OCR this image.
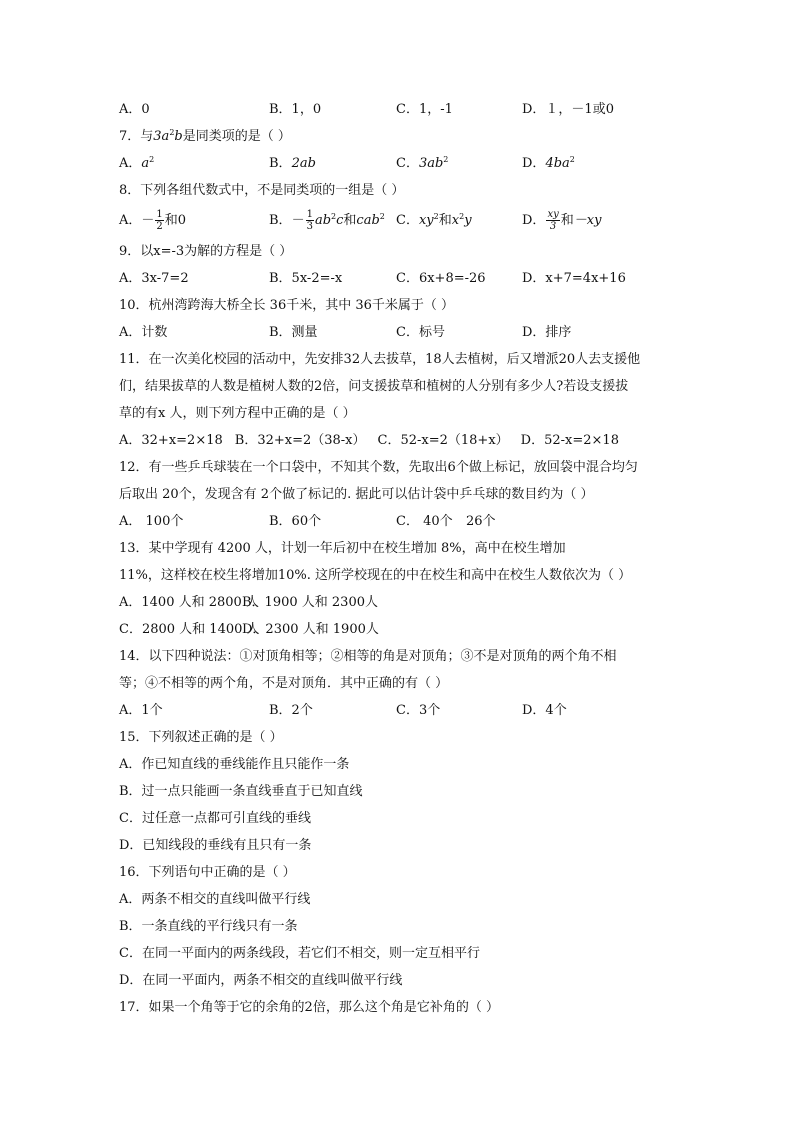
A．0	B．1，0	C．1，-1	D．１，－1或0
7．与$3a^2b$是同类项的是（ ）
A．$a^2$	B．2ab	C．$3ab^2$	D．$4ba^2$
8．下列各组代数式中，不是同类项的一组是（ ）
A．－ $\frac{1}{2}$ 和0	B．－ $\frac{1}{3} ab^2c$和cab$^2$ C．$xy^2$和$x^2y$	D． $\frac{xy}{3}$ 和－xy
9．以x=-3为解的方程是（ ）
A．3x-7=2	B．5x-2=-x	C．6x+8=-26	D．x+7=4x+16
10．杭州湾跨海大桥全长 36千米，其中 36千米属于（ ）
A．计数	B．测量	C．标号	D．排序
11．在一次美化校园的活动中，先安排32人去拔草，18人去植树，后又增派20人去支援他
们，结果拔草的人数是植树人数的2倍，问支援拔草和植树的人分别有多少人?若设支援拔
草的有x 人，则下列方程中正确的是（ ）
A．32+x=2×18 B．32+x=2（38-x） C．52-x=2（18+x） D．52-x=2×18
12．有一些乒乓球装在一个口袋中，不知其个数，先取出6个做上标记，放回袋中混合均匀
后取出 20个，发现含有 2个做了标记的. 据此可以估计袋中乒乓球的数目约为（ ）
A． 100个	B．60个	C． 40个	26个
13．某中学现有 4200 人，计划一年后初中在校生增加 8%，高中在校生增加
11%，这样校在校生将增加10%. 这所学校现在的中在校生和高中在校生人数依次为（ ）
A．1400 人和 2800 人
B．1900 人和 2300人
C．2800 人和 1400 人
D．2300 人和 1900人
14．以下四种说法：①对顶角相等；②相等的角是对顶角；③不是对顶角的两个角不相
等；④不相等的两个角，不是对顶角．其中正确的有（ ）
A．1个	B．2个	C．3个	D．4个
15．下列叙述正确的是（ ）
A．作已知直线的垂线能作且只能作一条
B．过一点只能画一条直线垂直于已知直线
C．过任意一点都可引直线的垂线
D．已知线段的垂线有且只有一条
16．下列语句中正确的是（ ）
A．两条不相交的直线叫做平行线
B．一条直线的平行线只有一条
C．在同一平面内的两条线段，若它们不相交，则一定互相平行
D．在同一平面内，两条不相交的直线叫做平行线
17．如果一个角等于它的余角的2倍，那么这个角是它补角的（ ）
